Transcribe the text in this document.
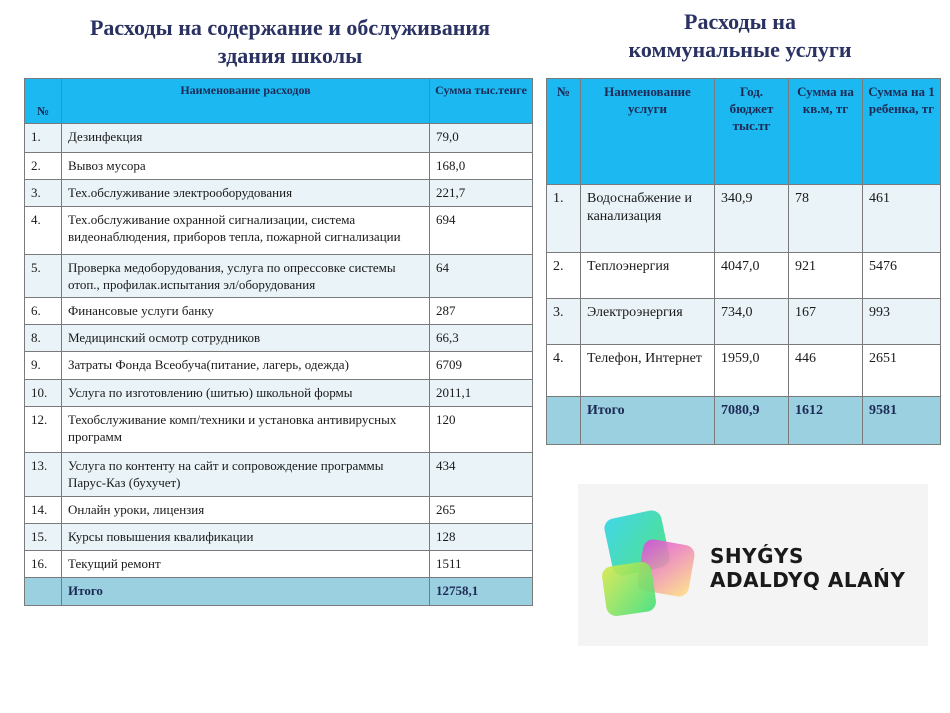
Расходы на содержание и обслуживания
здания школы
Расходы на
коммунальные услуги
№	Наименование расходов	Сумма тыс.тенге
1.	Дезинфекция	79,0
2.	Вывоз мусора	168,0
3.	Тех.обслуживание электрооборудования	221,7
4.	Тех.обслуживание охранной сигнализации, система видеонаблюдения, приборов тепла, пожарной сигнализации	694
5.	Проверка медоборудования, услуга по опрессовке системы отоп., профилак.испытания эл/оборудования	64
6.	Финансовые услуги банку	287
8.	Медицинский осмотр сотрудников	66,3
9.	Затраты Фонда Всеобуча(питание, лагерь, одежда)	6709
10.	Услуга по изготовлению (шитью) школьной формы	2011,1
12.	Техобслуживание комп/техники и установка антивирусных программ	120
13.	Услуга по контенту на сайт и сопровождение программы Парус-Каз (бухучет)	434
14.	Онлайн уроки, лицензия	265
15.	Курсы повышения квалификации	128
16.	Текущий ремонт	1511
	Итого	12758,1
№	Наименование услуги	Год. бюджет тыс.тг	Сумма на кв.м, тг	Сумма на 1 ребенка, тг
1.	Водоснабжение и канализация	340,9	78	461
2.	Теплоэнергия	4047,0	921	5476
3.	Электроэнергия	734,0	167	993
4.	Телефон, Интернет	1959,0	446	2651
	Итого	7080,9	1612	9581
SHYǴYS
ADALDYQ ALAŃY
